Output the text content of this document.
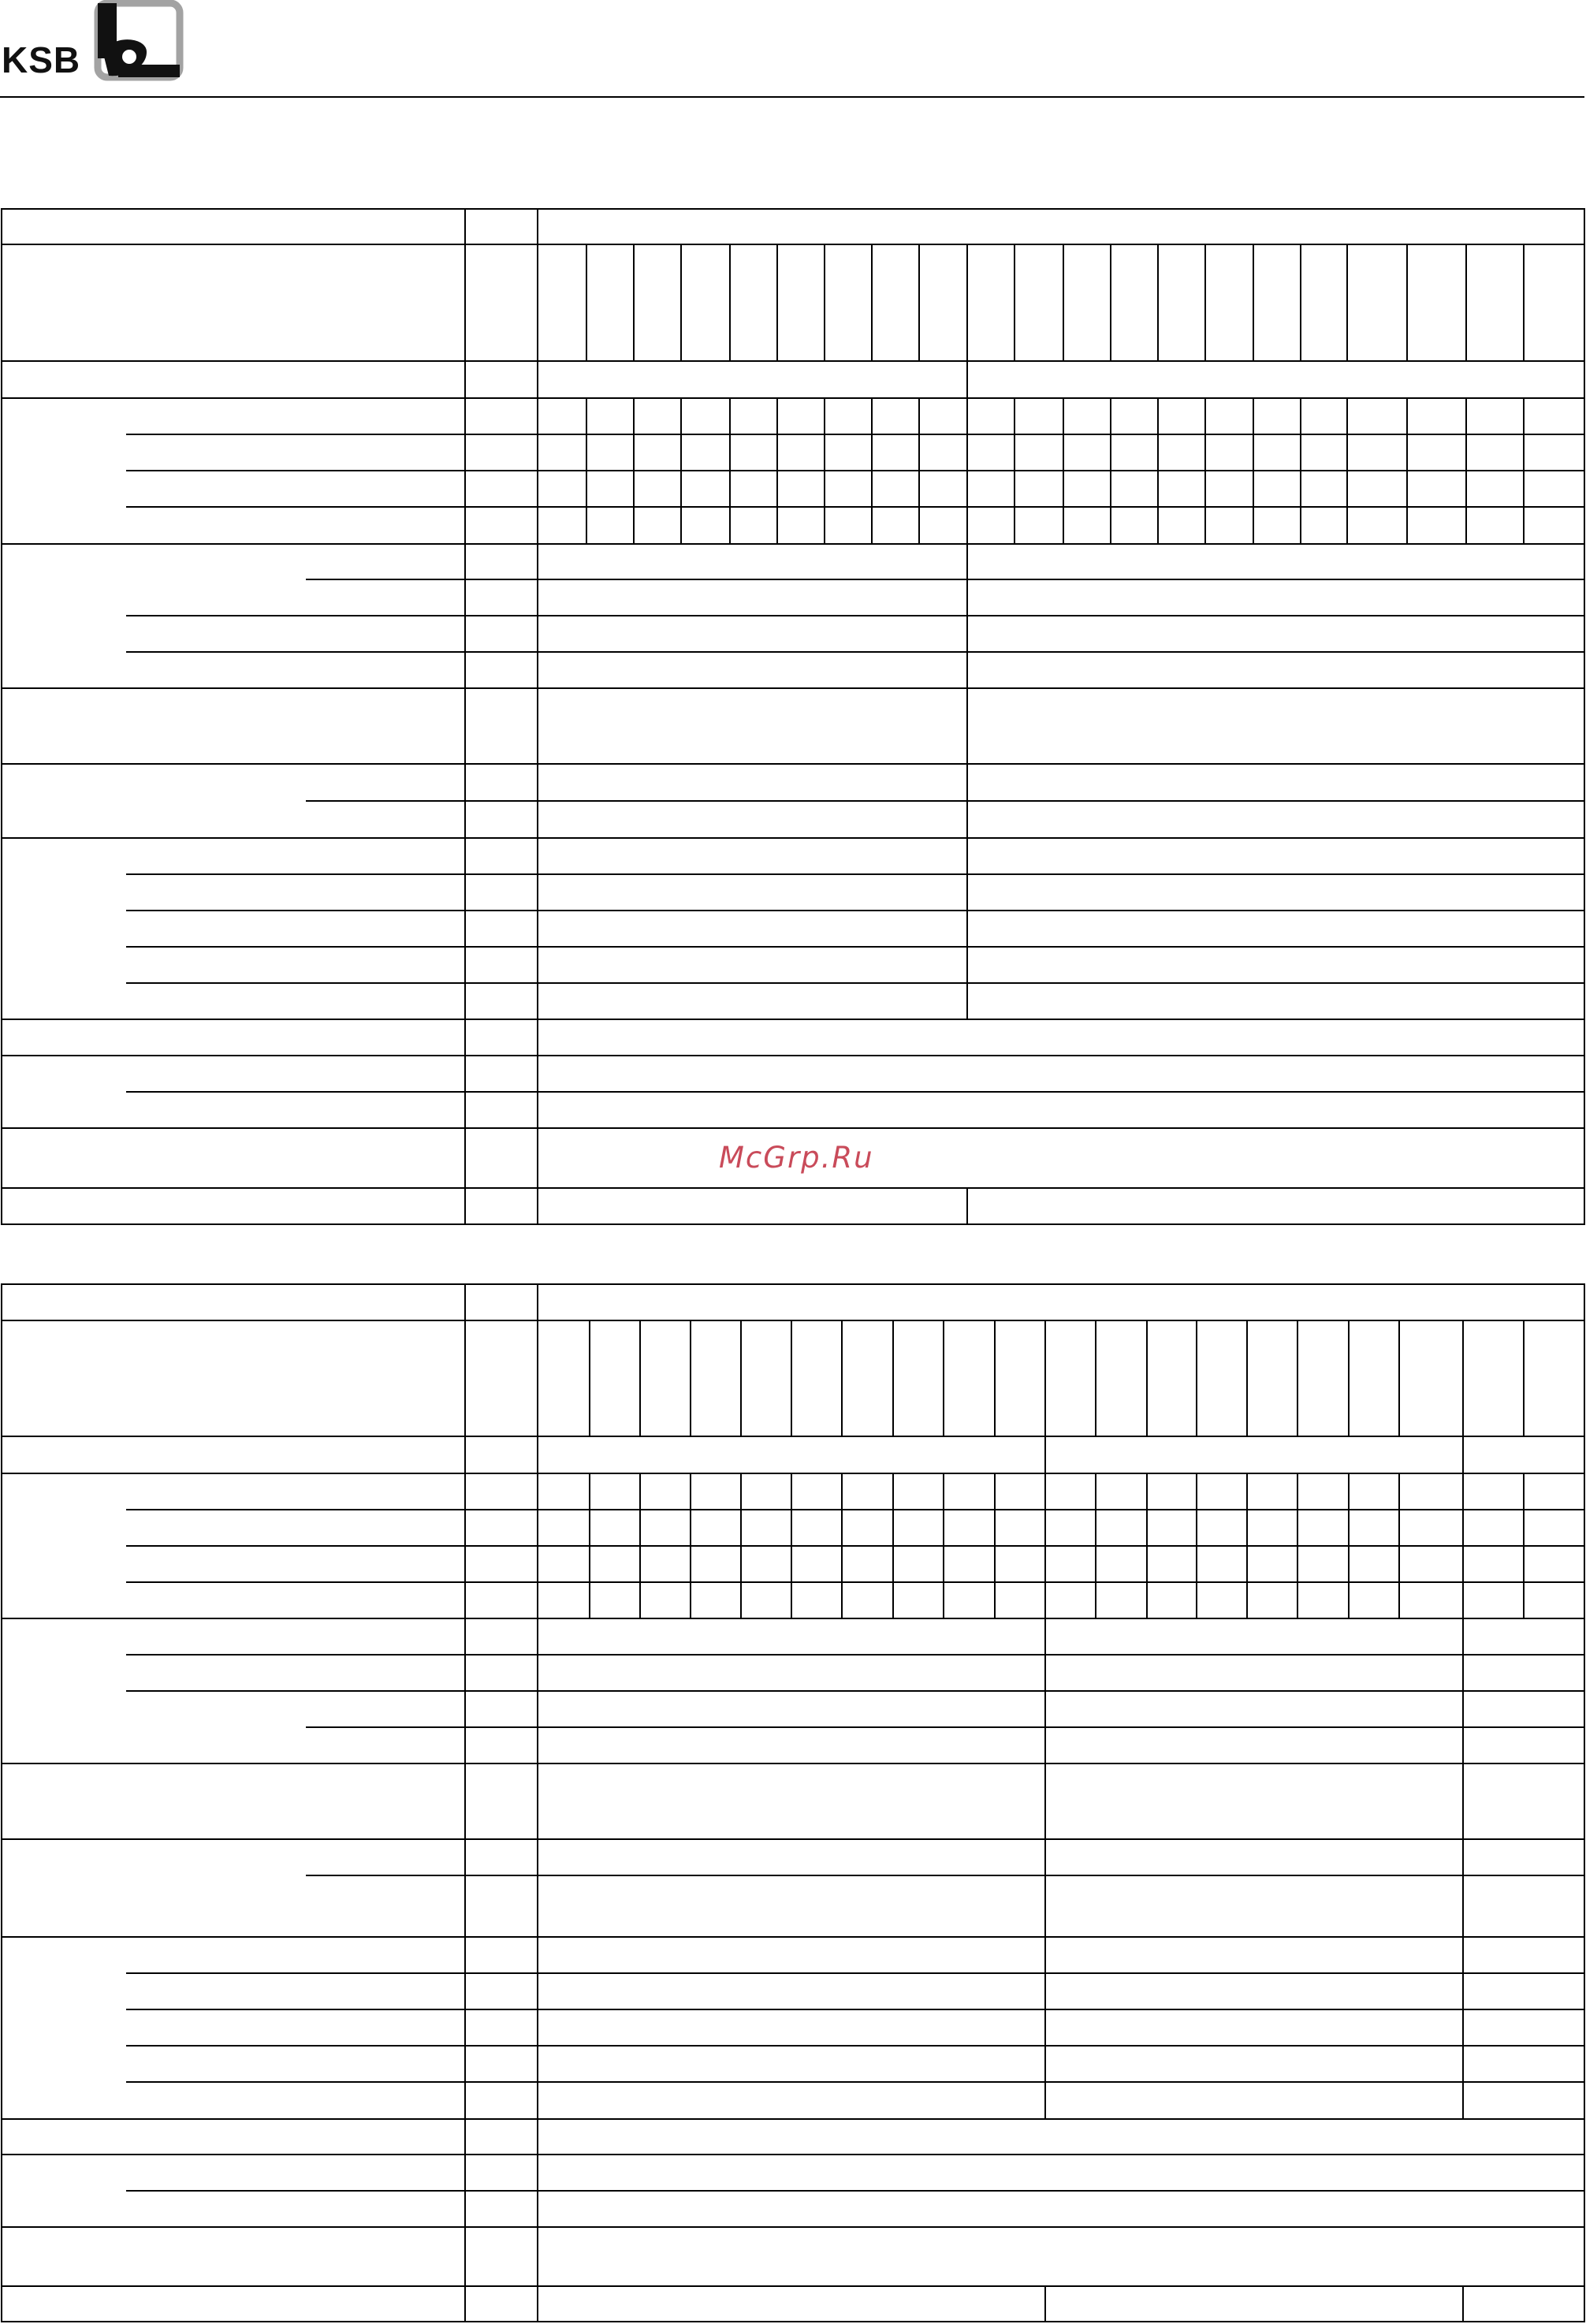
KSB
McGrp.Ru
